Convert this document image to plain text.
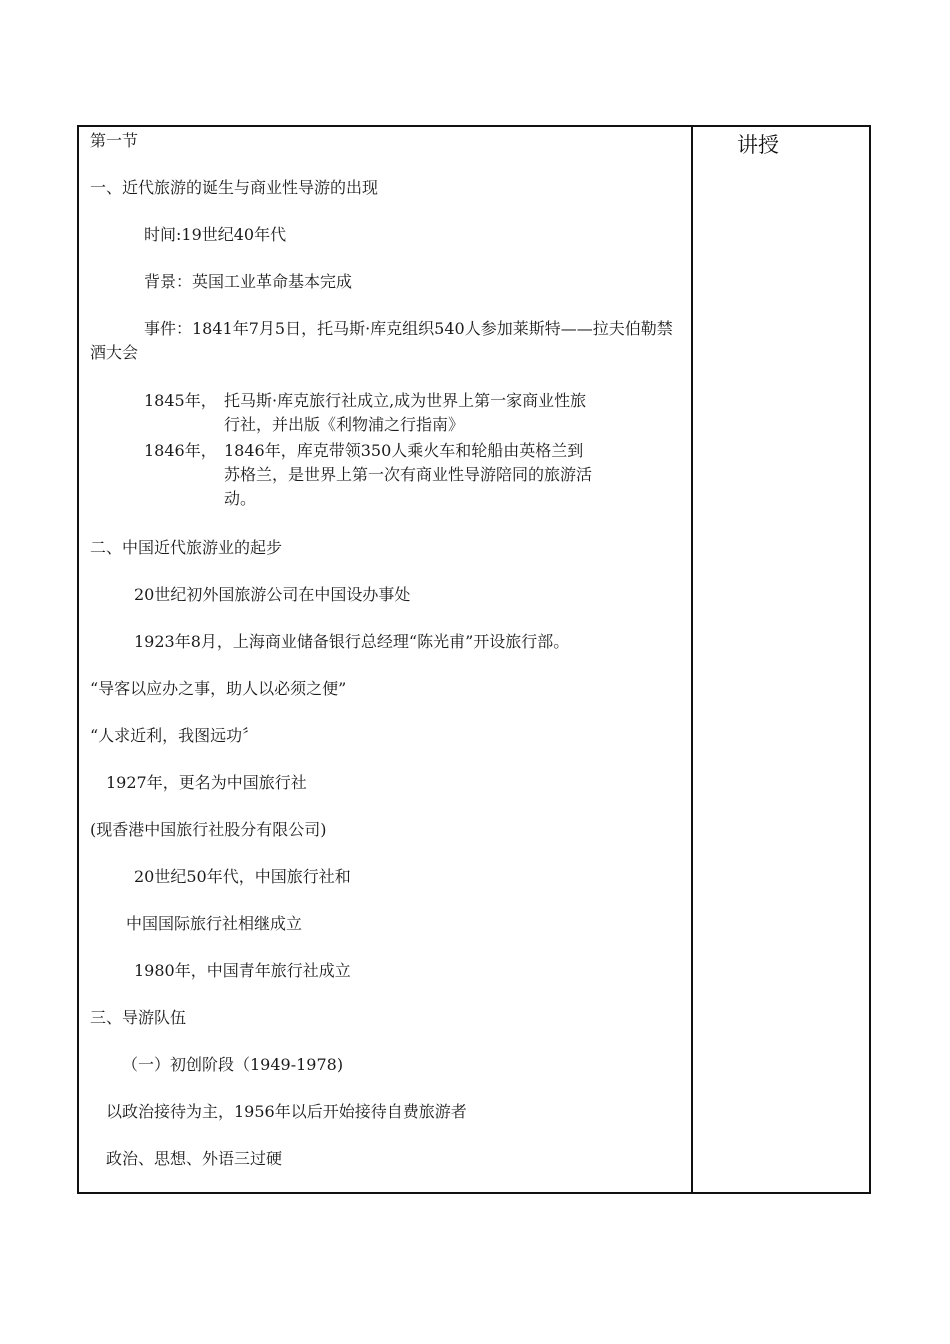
第一节
一、近代旅游的诞生与商业性导游的出现
时间:19世纪40年代
背景：英国工业革命基本完成
事件：1841年7月5日，托马斯·库克组织540人参加莱斯特——拉夫伯勒禁酒大会
1845年， 托马斯·库克旅行社成立,成为世界上第一家商业性旅行社，并出版《利物浦之行指南》
1846年， 1846年，库克带领350人乘火车和轮船由英格兰到苏格兰，是世界上第一次有商业性导游陪同的旅游活动。
二、中国近代旅游业的起步
20世纪初外国旅游公司在中国设办事处
1923年8月，上海商业储备银行总经理“陈光甫”开设旅行部。
“导客以应办之事，助人以必须之便”
“人求近利，我图远功〞
1927年，更名为中国旅行社
(现香港中国旅行社股分有限公司)
20世纪50年代，中国旅行社和
中国国际旅行社相继成立
1980年，中国青年旅行社成立
三、导游队伍
（一）初创阶段（1949-1978)
以政治接待为主，1956年以后开始接待自费旅游者
政治、思想、外语三过硬
讲授
